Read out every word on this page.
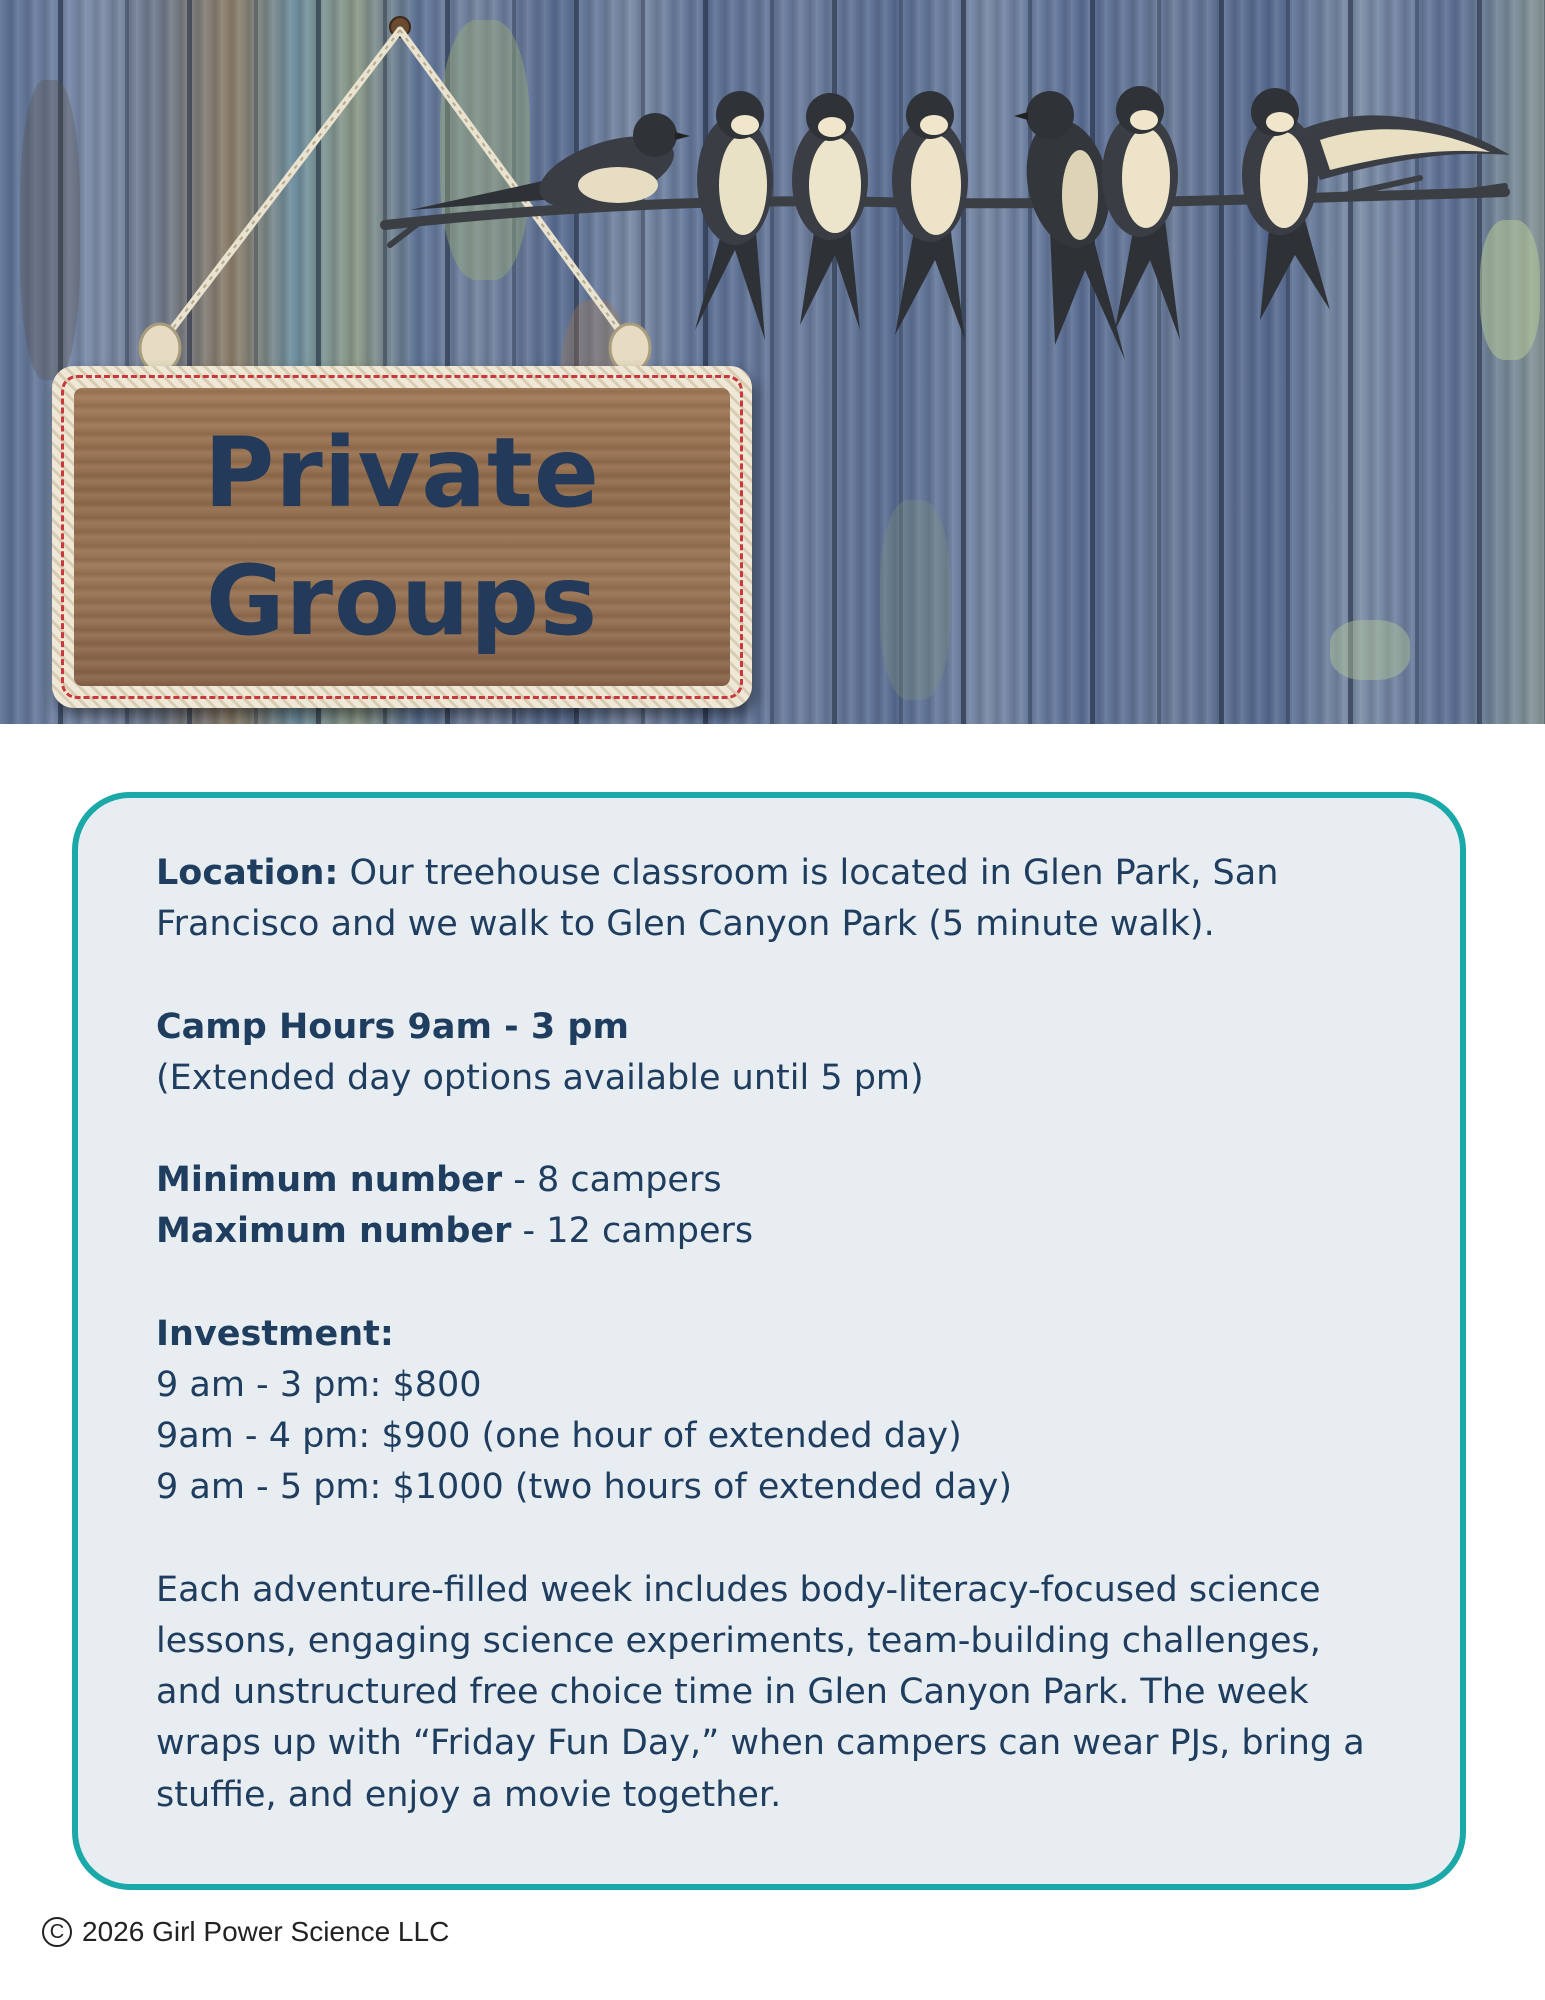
Private
Groups

Location: Our treehouse classroom is located in Glen Park, San Francisco and we walk to Glen Canyon Park (5 minute walk).

Camp Hours 9am - 3 pm

(Extended day options available until 5 pm)

Minimum number - 8 campers

Maximum number - 12 campers

Investment:

9 am - 3 pm: $800

9am - 4 pm: $900 (one hour of extended day)

9 am - 5 pm: $1000 (two hours of extended day)

Each adventure-filled week includes body-literacy-focused science lessons, engaging science experiments, team-building challenges, and unstructured free choice time in Glen Canyon Park. The week wraps up with “Friday Fun Day,” when campers can wear PJs, bring a stuffie, and enjoy a movie together.

C 2026 Girl Power Science LLC
